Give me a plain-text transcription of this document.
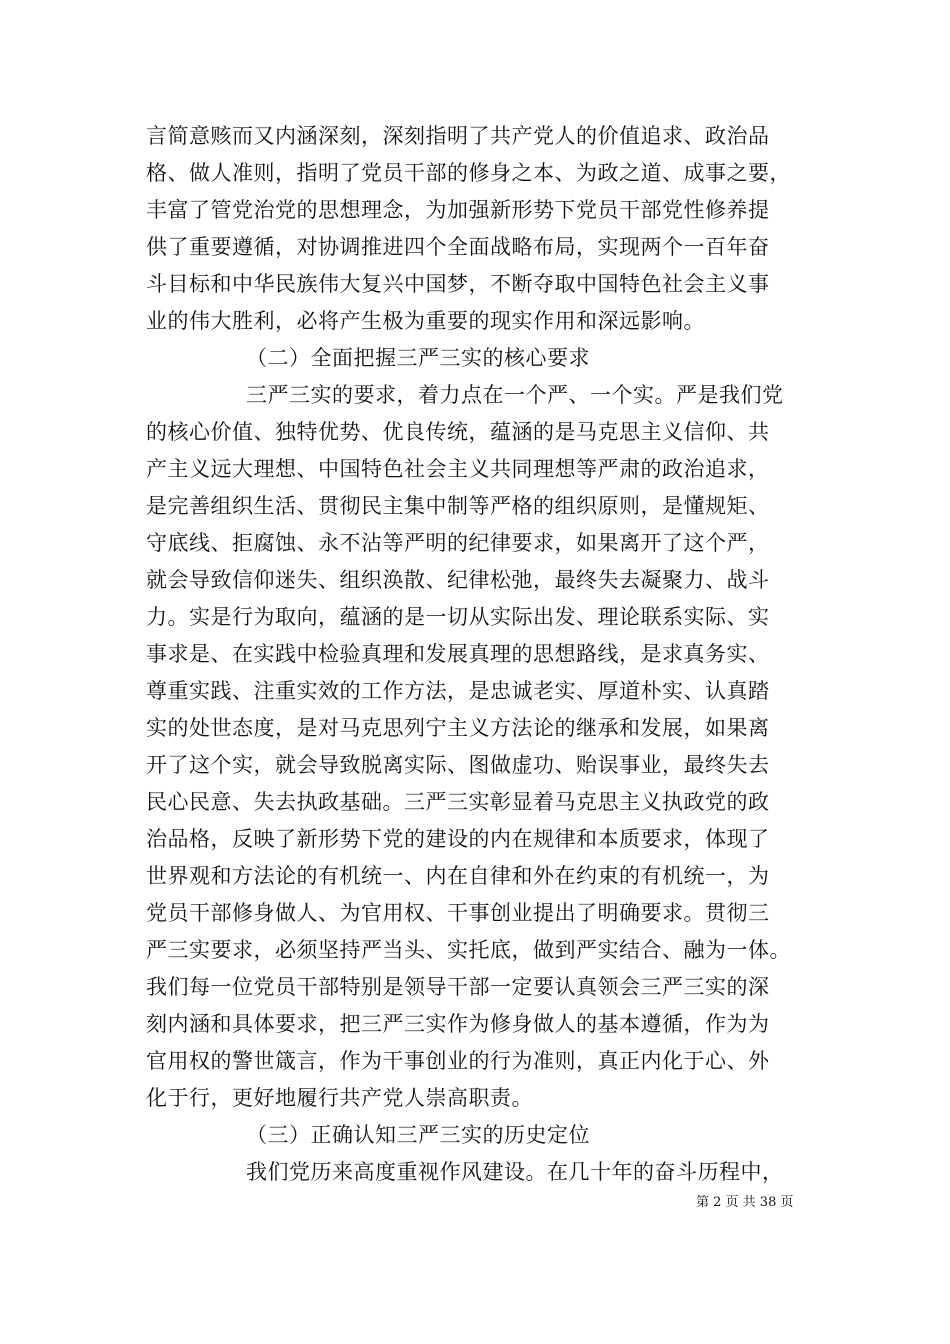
言简意赅而又内涵深刻，深刻指明了共产党人的价值追求、政治品
格、做人准则，指明了党员干部的修身之本、为政之道、成事之要，
丰富了管党治党的思想理念，为加强新形势下党员干部党性修养提
供了重要遵循，对协调推进四个全面战略布局，实现两个一百年奋
斗目标和中华民族伟大复兴中国梦，不断夺取中国特色社会主义事
业的伟大胜利，必将产生极为重要的现实作用和深远影响。
（二）全面把握三严三实的核心要求
三严三实的要求，着力点在一个严、一个实。严是我们党
的核心价值、独特优势、优良传统，蕴涵的是马克思主义信仰、共
产主义远大理想、中国特色社会主义共同理想等严肃的政治追求，
是完善组织生活、贯彻民主集中制等严格的组织原则，是懂规矩、
守底线、拒腐蚀、永不沾等严明的纪律要求，如果离开了这个严，
就会导致信仰迷失、组织涣散、纪律松弛，最终失去凝聚力、战斗
力。实是行为取向，蕴涵的是一切从实际出发、理论联系实际、实
事求是、在实践中检验真理和发展真理的思想路线，是求真务实、
尊重实践、注重实效的工作方法，是忠诚老实、厚道朴实、认真踏
实的处世态度，是对马克思列宁主义方法论的继承和发展，如果离
开了这个实，就会导致脱离实际、图做虚功、贻误事业，最终失去
民心民意、失去执政基础。三严三实彰显着马克思主义执政党的政
治品格，反映了新形势下党的建设的内在规律和本质要求，体现了
世界观和方法论的有机统一、内在自律和外在约束的有机统一，为
党员干部修身做人、为官用权、干事创业提出了明确要求。贯彻三
严三实要求，必须坚持严当头、实托底，做到严实结合、融为一体。
我们每一位党员干部特别是领导干部一定要认真领会三严三实的深
刻内涵和具体要求，把三严三实作为修身做人的基本遵循，作为为
官用权的警世箴言，作为干事创业的行为准则，真正内化于心、外
化于行，更好地履行共产党人崇高职责。
（三）正确认知三严三实的历史定位
我们党历来高度重视作风建设。在几十年的奋斗历程中，
第 2 页 共 38 页
